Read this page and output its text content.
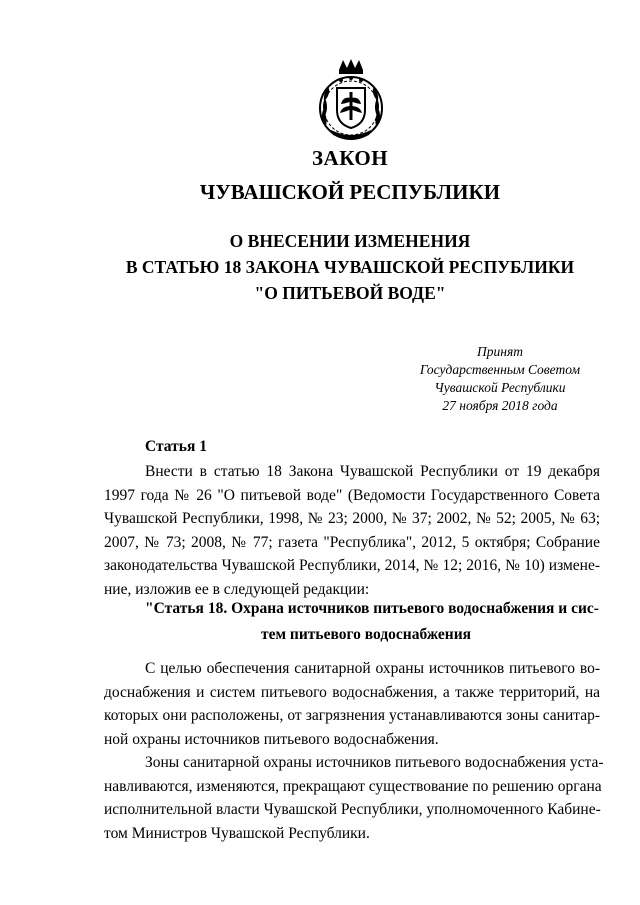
ЗАКОН
ЧУВАШСКОЙ РЕСПУБЛИКИ
О ВНЕСЕНИИ ИЗМЕНЕНИЯ
В СТАТЬЮ 18 ЗАКОНА ЧУВАШСКОЙ РЕСПУБЛИКИ
"О ПИТЬЕВОЙ ВОДЕ"
Принят
Государственным Советом
Чувашской Республики
27 ноября 2018 года
Статья 1
Внести в статью 18 Закона Чувашской Республики от 19 декабря
1997 года № 26 "О питьевой воде" (Ведомости Государственного Совета
Чувашской Республики, 1998, № 23; 2000, № 37; 2002, № 52; 2005, № 63;
2007, № 73; 2008, № 77; газета "Республика", 2012, 5 октября; Собрание
законодательства Чувашской Республики, 2014, № 12; 2016, № 10) измене-
ние, изложив ее в следующей редакции:
"Статья 18. Охрана источников питьевого водоснабжения и сис-
тем питьевого водоснабжения
С целью обеспечения санитарной охраны источников питьевого во-
доснабжения и систем питьевого водоснабжения, а также территорий, на
которых они расположены, от загрязнения устанавливаются зоны санитар-
ной охраны источников питьевого водоснабжения.
Зоны санитарной охраны источников питьевого водоснабжения уста-
навливаются, изменяются, прекращают существование по решению органа
исполнительной власти Чувашской Республики, уполномоченного Кабине-
том Министров Чувашской Республики.
